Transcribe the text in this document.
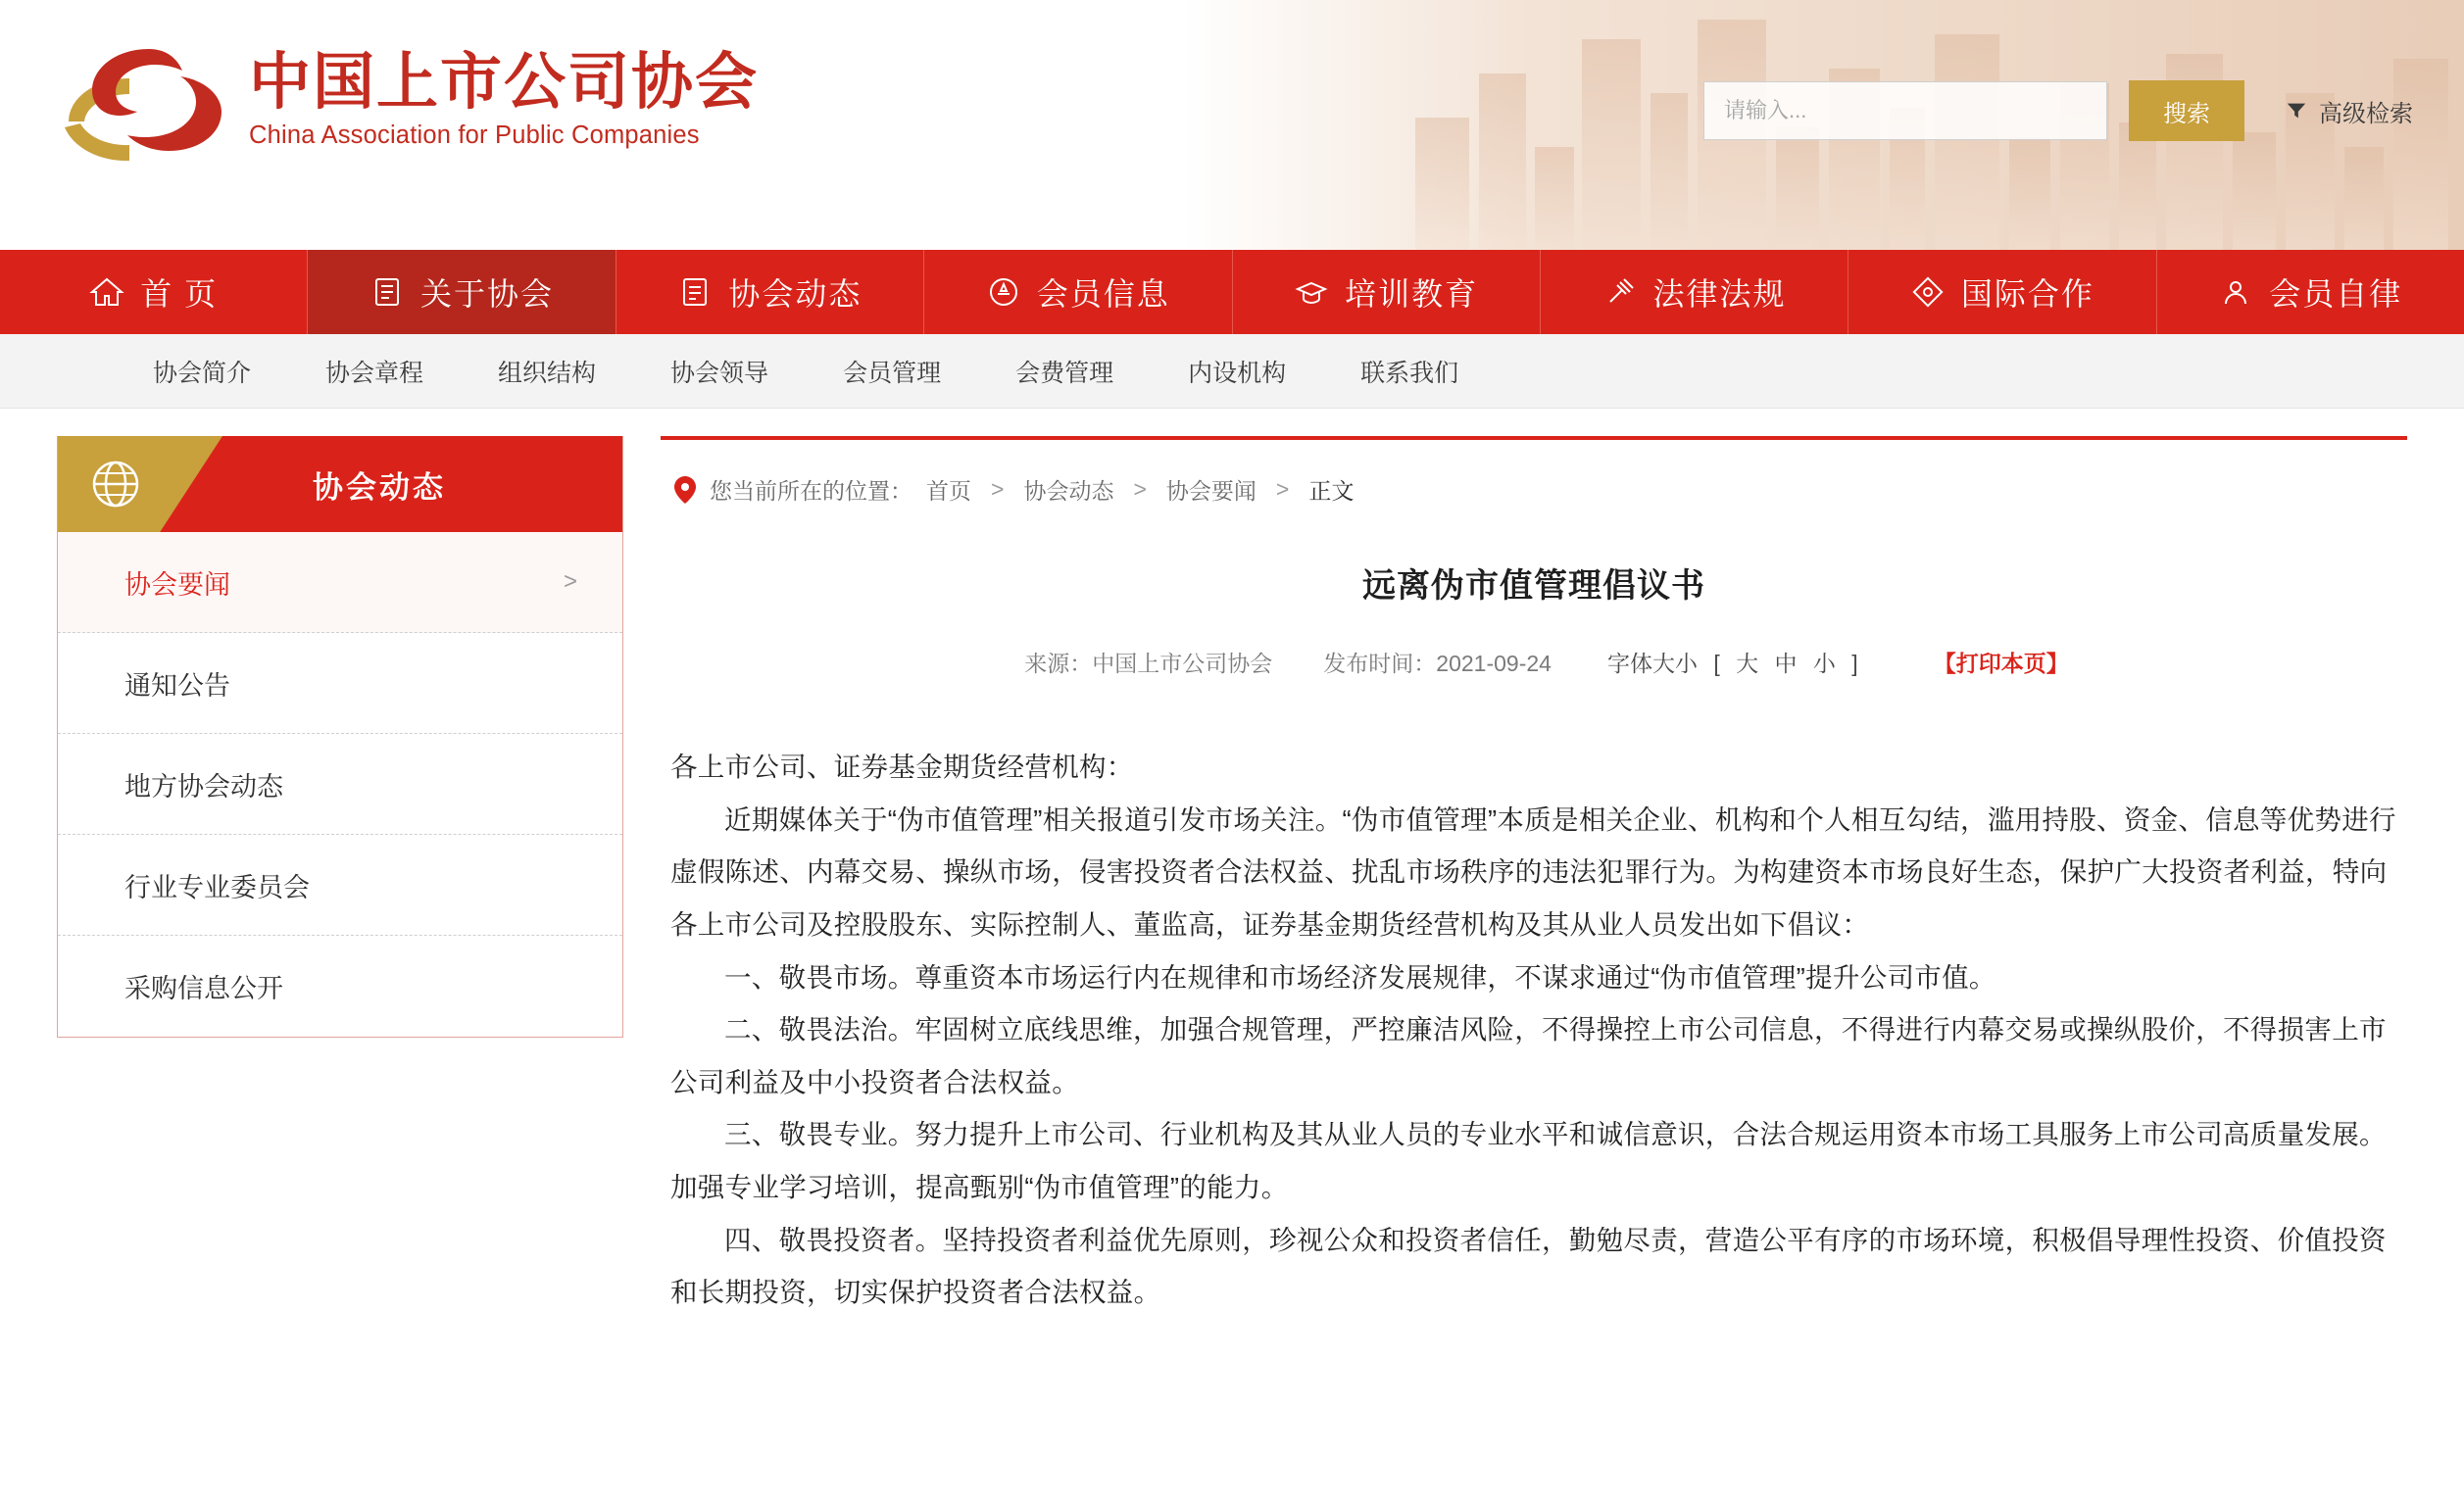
中国上市公司协会
China Association for Public Companies
请输入...
搜索	高级检索
首 页	关于协会	协会动态	会员信息	培训教育	法律法规	国际合作	会员自律
协会简介	协会章程	组织结构	协会领导	会员管理	会费管理	内设机构	联系我们
协会动态
协会要闻	>
通知公告
地方协会动态
行业专业委员会
采购信息公开
您当前所在的位置： 首页 > 协会动态 > 协会要闻 > 正文
远离伪市值管理倡议书
来源：中国上市公司协会 发布时间：2021-09-24 字体大小 [ 大 中 小 ]	【打印本页】

各上市公司、证券基金期货经营机构：

近期媒体关于“伪市值管理”相关报道引发市场关注。“伪市值管理”本质是相关企业、机构和个人相互勾结，滥用持股、资金、信息等优势进行虚假陈述、内幕交易、操纵市场，侵害投资者合法权益、扰乱市场秩序的违法犯罪行为。为构建资本市场良好生态，保护广大投资者利益，特向各上市公司及控股股东、实际控制人、董监高，证券基金期货经营机构及其从业人员发出如下倡议：

一、敬畏市场。尊重资本市场运行内在规律和市场经济发展规律，不谋求通过“伪市值管理”提升公司市值。

二、敬畏法治。牢固树立底线思维，加强合规管理，严控廉洁风险，不得操控上市公司信息，不得进行内幕交易或操纵股价，不得损害上市公司利益及中小投资者合法权益。

三、敬畏专业。努力提升上市公司、行业机构及其从业人员的专业水平和诚信意识，合法合规运用资本市场工具服务上市公司高质量发展。加强专业学习培训，提高甄别“伪市值管理”的能力。

四、敬畏投资者。坚持投资者利益优先原则，珍视公众和投资者信任，勤勉尽责，营造公平有序的市场环境，积极倡导理性投资、价值投资和长期投资，切实保护投资者合法权益。
